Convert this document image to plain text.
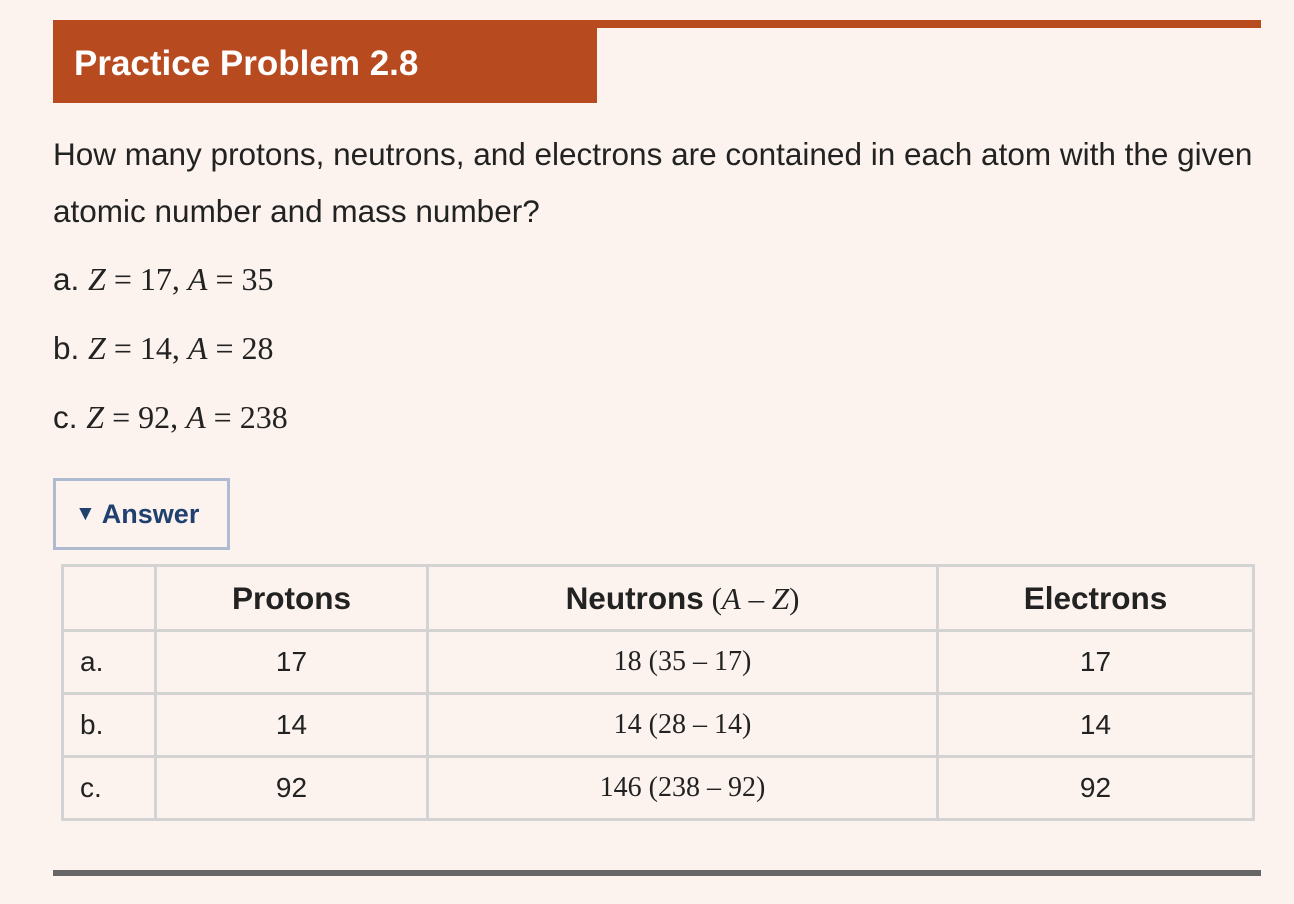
Practice Problem 2.8

How many protons, neutrons, and electrons are contained in each atom with the given atomic number and mass number?

a. Z = 17, A = 35
b. Z = 14, A = 28
c. Z = 92, A = 238
▼ Answer
	Protons	Neutrons (A – Z)	Electrons
a.	17	18 (35 – 17)	17
b.	14	14 (28 – 14)	14
c.	92	146 (238 – 92)	92
